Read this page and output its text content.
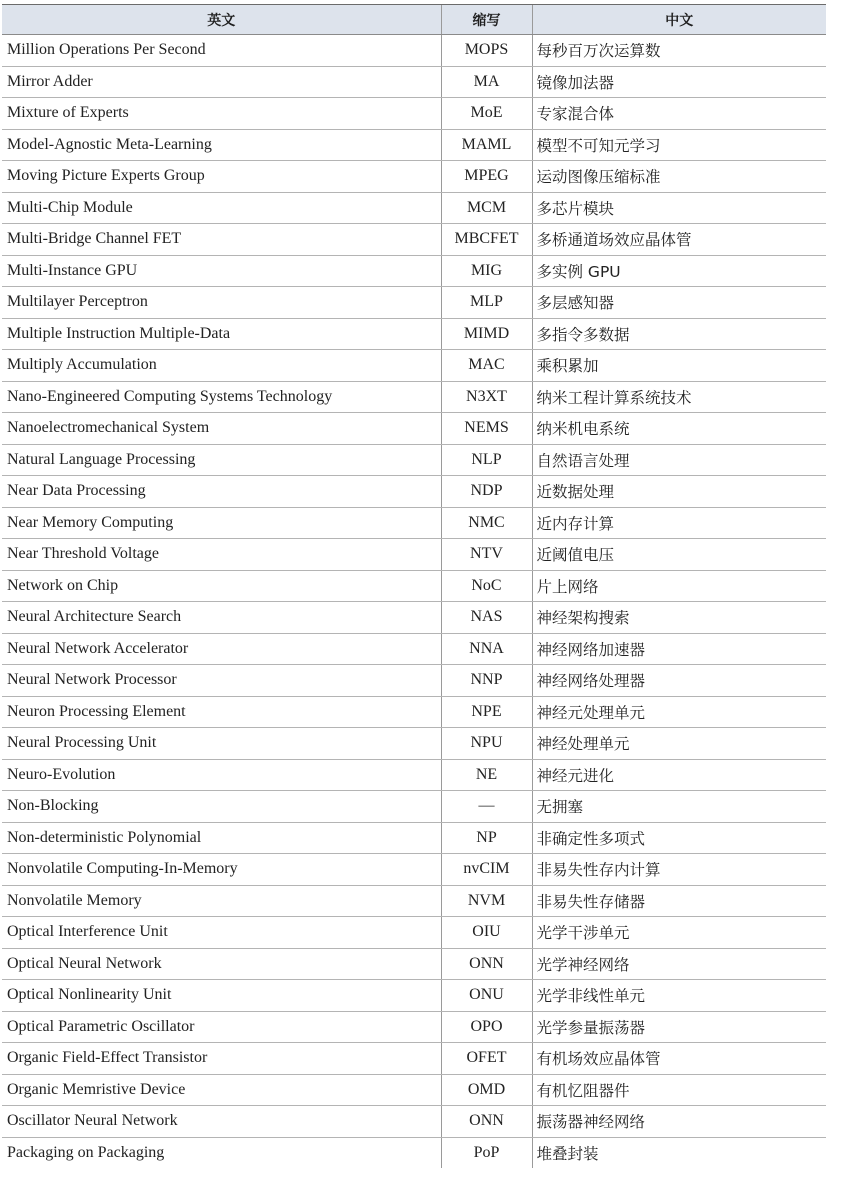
英文	缩写	中文
Million Operations Per Second	MOPS	每秒百万次运算数
Mirror Adder	MA	镜像加法器
Mixture of Experts	MoE	专家混合体
Model-Agnostic Meta-Learning	MAML	模型不可知元学习
Moving Picture Experts Group	MPEG	运动图像压缩标准
Multi-Chip Module	MCM	多芯片模块
Multi-Bridge Channel FET	MBCFET	多桥通道场效应晶体管
Multi-Instance GPU	MIG	多实例 GPU
Multilayer Perceptron	MLP	多层感知器
Multiple Instruction Multiple-Data	MIMD	多指令多数据
Multiply Accumulation	MAC	乘积累加
Nano-Engineered Computing Systems Technology	N3XT	纳米工程计算系统技术
Nanoelectromechanical System	NEMS	纳米机电系统
Natural Language Processing	NLP	自然语言处理
Near Data Processing	NDP	近数据处理
Near Memory Computing	NMC	近内存计算
Near Threshold Voltage	NTV	近阈值电压
Network on Chip	NoC	片上网络
Neural Architecture Search	NAS	神经架构搜索
Neural Network Accelerator	NNA	神经网络加速器
Neural Network Processor	NNP	神经网络处理器
Neuron Processing Element	NPE	神经元处理单元
Neural Processing Unit	NPU	神经处理单元
Neuro-Evolution	NE	神经元进化
Non-Blocking	—	无拥塞
Non-deterministic Polynomial	NP	非确定性多项式
Nonvolatile Computing-In-Memory	nvCIM	非易失性存内计算
Nonvolatile Memory	NVM	非易失性存储器
Optical Interference Unit	OIU	光学干涉单元
Optical Neural Network	ONN	光学神经网络
Optical Nonlinearity Unit	ONU	光学非线性单元
Optical Parametric Oscillator	OPO	光学参量振荡器
Organic Field-Effect Transistor	OFET	有机场效应晶体管
Organic Memristive Device	OMD	有机忆阻器件
Oscillator Neural Network	ONN	振荡器神经网络
Packaging on Packaging	PoP	堆叠封装
